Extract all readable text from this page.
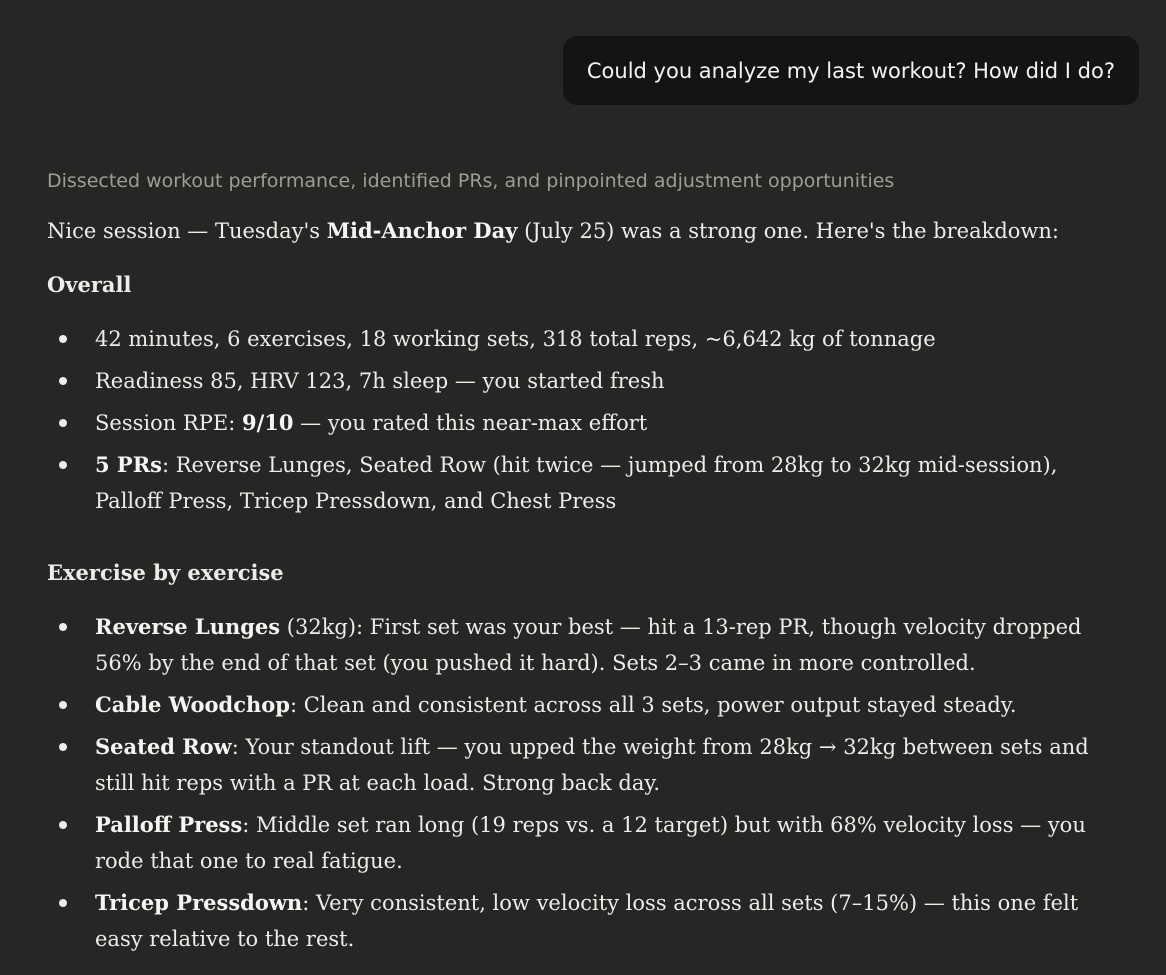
Could you analyze my last workout? How did I do?
Dissected workout performance, identified PRs, and pinpointed adjustment opportunities

Nice session — Tuesday's Mid-Anchor Day (July 25) was a strong one. Here's the breakdown:

Overall
42 minutes, 6 exercises, 18 working sets, 318 total reps, ~6,642 kg of tonnage
Readiness 85, HRV 123, 7h sleep — you started fresh
Session RPE: 9/10 — you rated this near-max effort
5 PRs: Reverse Lunges, Seated Row (hit twice — jumped from 28kg to 32kg mid-session), Palloff Press, Tricep Pressdown, and Chest Press
Exercise by exercise
Reverse Lunges (32kg): First set was your best — hit a 13-rep PR, though velocity dropped 56% by the end of that set (you pushed it hard). Sets 2–3 came in more controlled.
Cable Woodchop: Clean and consistent across all 3 sets, power output stayed steady.
Seated Row: Your standout lift — you upped the weight from 28kg → 32kg between sets and still hit reps with a PR at each load. Strong back day.
Palloff Press: Middle set ran long (19 reps vs. a 12 target) but with 68% velocity loss — you rode that one to real fatigue.
Tricep Pressdown: Very consistent, low velocity loss across all sets (7–15%) — this one felt easy relative to the rest.
